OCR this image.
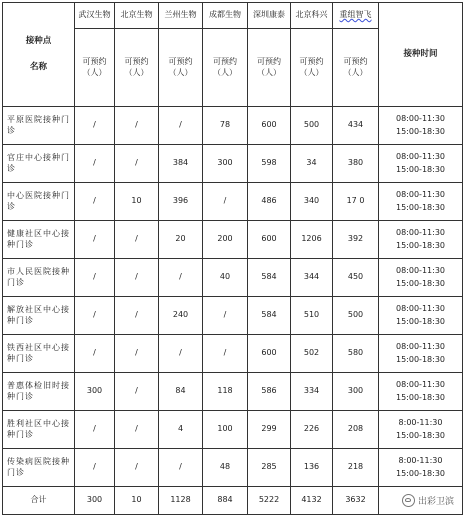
接种点
名称	武汉生物	北京生物	兰州生物	成都生物	深圳康泰	北京科兴	重组智飞	接种时间
	可预约（人）	可预约（人）	可预约（人）	可预约（人）	可预约（人）	可预约（人）	可预约（人）	
平原医院接种门诊	/	/	/	78	600	500	434	08:00-11:30
15:00-18:30

官庄中心接种门诊	/	/	384	300	598	34	380	08:00-11:30
15:00-18:30

中心医院接种门诊	/	10	396	/	486	340	17 0	08:00-11:30
15:00-18:30

健康社区中心接种门诊	/	/	20	200	600	1206	392	08:00-11:30
15:00-18:30

市人民医院接种门诊	/	/	/	40	584	344	450	08:00-11:30
15:00-18:30

解放社区中心接种门诊	/	/	240	/	584	510	500	08:00-11:30
15:00-18:30

铁西社区中心接种门诊	/	/	/	/	600	502	580	08:00-11:30
15:00-18:30

普惠体检旧时接种门诊	300	/	84	118	586	334	300	08:00-11:30
15:00-18:30

胜利社区中心接种门诊	/	/	4	100	299	226	208	8:00-11:30
15:00-18:30

传染病医院接种门诊	/	/	/	48	285	136	218	8:00-11:30
15:00-18:30

合计	300	10	1128	884	5222	4132	3632		出彩卫滨
